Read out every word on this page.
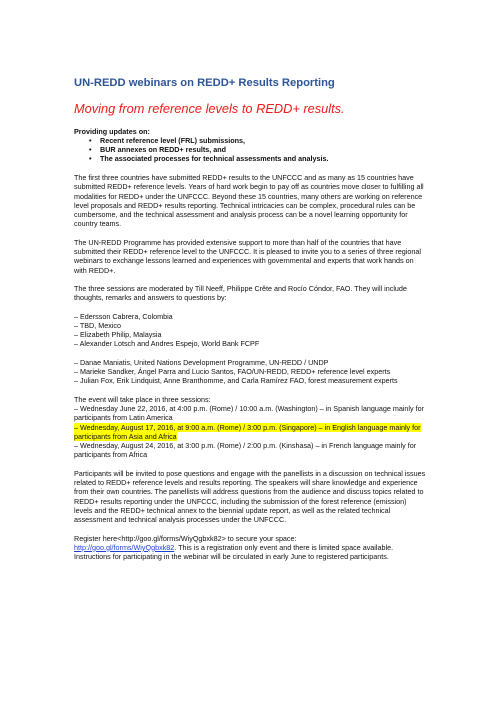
UN-REDD webinars on REDD+ Results Reporting
Moving from reference levels to REDD+ results.
Providing updates on:
• Recent reference level (FRL) submissions,
• BUR annexes on REDD+ results, and
• The associated processes for technical assessments and analysis.

The first three countries have submitted REDD+ results to the UNFCCC and as many as 15 countries have submitted REDD+ reference levels. Years of hard work begin to pay off as countries move closer to fulfilling all modalities for REDD+ under the UNFCCC. Beyond these 15 countries, many others are working on reference level proposals and REDD+ results reporting. Technical intricacies can be complex, procedural rules can be cumbersome, and the technical assessment and analysis process can be a novel learning opportunity for country teams.

The UN-REDD Programme has provided extensive support to more than half of the countries that have submitted their REDD+ reference level to the UNFCCC. It is pleased to invite you to a series of three regional webinars to exchange lessons learned and experiences with governmental and experts that work hands on with REDD+.

The three sessions are moderated by Till Neeff, Philippe Crête and Rocío Cóndor, FAO. They will include thoughts, remarks and answers to questions by:

– Edersson Cabrera, Colombia
– TBD, Mexico
– Elizabeth Philip, Malaysia
– Alexander Lotsch and Andres Espejo, World Bank FCPF
– Danae Maniatis, United Nations Development Programme, UN-REDD / UNDP
– Marieke Sandker, Ángel Parra and Lucio Santos, FAO/UN-REDD, REDD+ reference level experts
– Julian Fox, Erik Lindquist, Anne Branthomme, and Carla Ramírez FAO, forest measurement experts
The event will take place in three sessions:
– Wednesday June 22, 2016, at 4:00 p.m. (Rome) / 10:00 a.m. (Washington) – in Spanish language mainly for participants from Latin America
– Wednesday, August 17, 2016, at 9:00 a.m. (Rome) / 3:00 p.m. (Singapore) – in English language mainly for participants from Asia and Africa
– Wednesday, August 24, 2016, at 3:00 p.m. (Rome) / 2:00 p.m. (Kinshasa) – in French language mainly for participants from Africa

Participants will be invited to pose questions and engage with the panellists in a discussion on technical issues related to REDD+ reference levels and results reporting. The speakers will share knowledge and experience from their own countries. The panellists will address questions from the audience and discuss topics related to REDD+ results reporting under the UNFCCC, including the submission of the forest reference (emission) levels and the REDD+ technical annex to the biennial update report, as well as the related technical assessment and technical analysis processes under the UNFCCC.

Register here<http://goo.gl/forms/WiyQgbxk82> to secure your space:
http://goo.gl/forms/WiyQgbxk82. This is a registration only event and there is limited space available. Instructions for participating in the webinar will be circulated in early June to registered participants.
